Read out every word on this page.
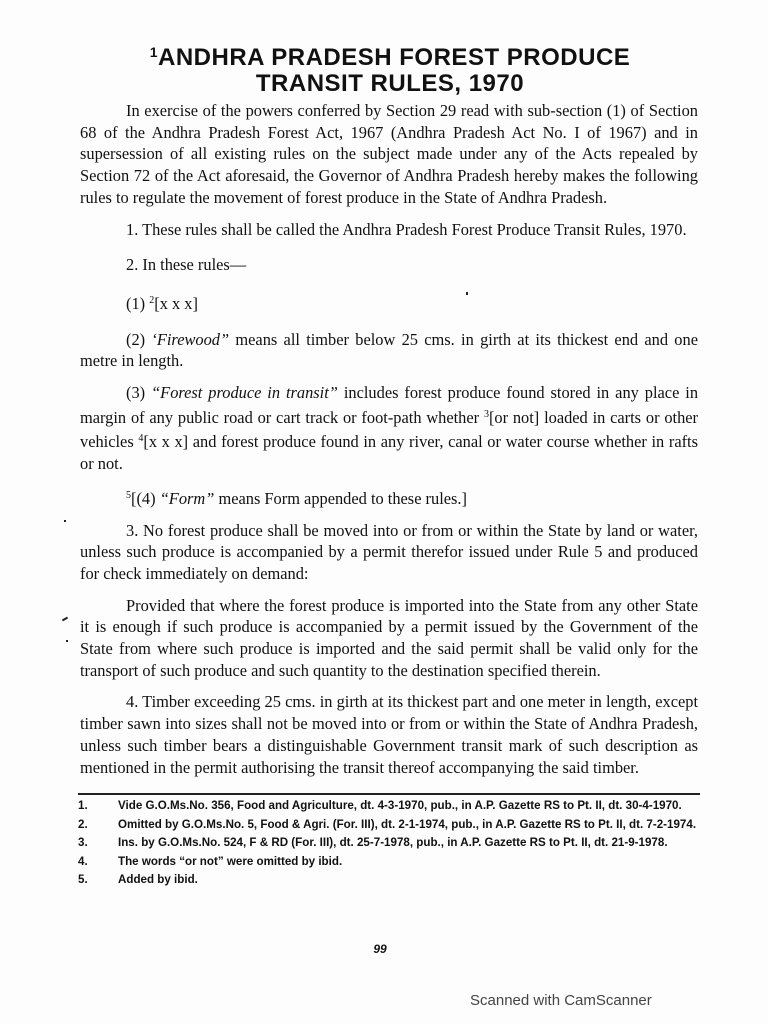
$^1$ANDHRA PRADESH FOREST PRODUCE
TRANSIT RULES, 1970

In exercise of the powers conferred by Section 29 read with sub-section (1) of Section 68 of the Andhra Pradesh Forest Act, 1967 (Andhra Pradesh Act No. I of 1967) and in supersession of all existing rules on the subject made under any of the Acts repealed by Section 72 of the Act aforesaid, the Governor of Andhra Pradesh hereby makes the following rules to regulate the movement of forest produce in the State of Andhra Pradesh.

1. These rules shall be called the Andhra Pradesh Forest Produce Transit Rules, 1970.

2. In these rules—

(1) $^2$[x x x]

(2) ‘Firewood” means all timber below 25 cms. in girth at its thickest end and one metre in length.

(3) “Forest produce in transit” includes forest produce found stored in any place in margin of any public road or cart track or foot-path whether $^3$[or not] loaded in carts or other vehicles $^4$[x x x] and forest produce found in any river, canal or water course whether in rafts or not.

$^5$[(4) “Form” means Form appended to these rules.]

3. No forest produce shall be moved into or from or within the State by land or water, unless such produce is accompanied by a permit therefor issued under Rule 5 and produced for check immediately on demand:

Provided that where the forest produce is imported into the State from any other State it is enough if such produce is accompanied by a permit issued by the Government of the State from where such produce is imported and the said permit shall be valid only for the transport of such produce and such quantity to the destination specified therein.

4. Timber exceeding 25 cms. in girth at its thickest part and one meter in length, except timber sawn into sizes shall not be moved into or from or within the State of Andhra Pradesh, unless such timber bears a distinguishable Government transit mark of such description as mentioned in the permit authorising the transit thereof accompanying the said timber.

1.	Vide G.O.Ms.No. 356, Food and Agriculture, dt. 4-3-1970, pub., in A.P. Gazette RS to Pt. II, dt. 30-4-1970.
2.	Omitted by G.O.Ms.No. 5, Food & Agri. (For. III), dt. 2-1-1974, pub., in A.P. Gazette RS to Pt. II, dt. 7-2-1974.
3.	Ins. by G.O.Ms.No. 524, F & RD (For. III), dt. 25-7-1978, pub., in A.P. Gazette RS to Pt. II, dt. 21-9-1978.
4.	The words “or not” were omitted by ibid.
5.	Added by ibid.
99
Scanned with CamScanner
